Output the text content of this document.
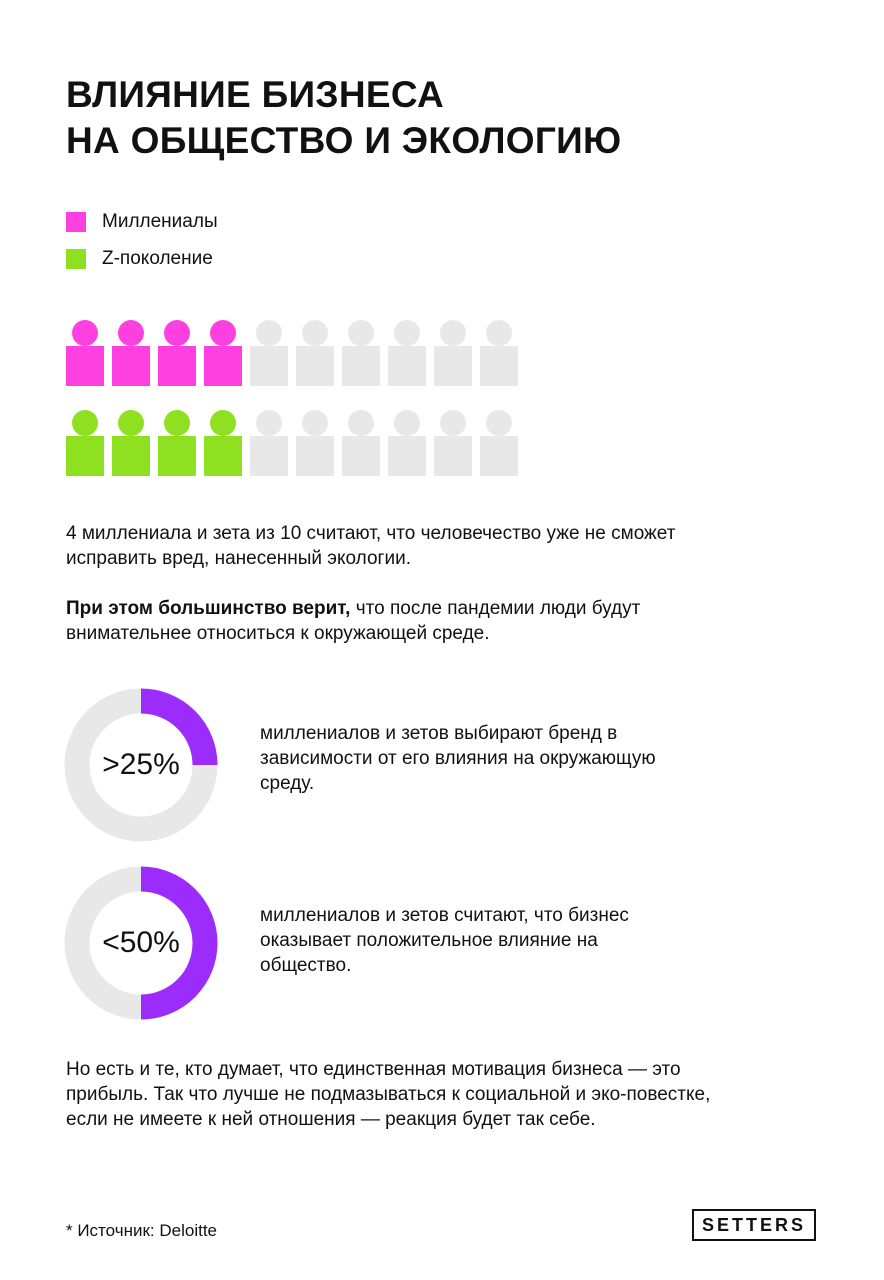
ВЛИЯНИЕ БИЗНЕСА
НА ОБЩЕСТВО И ЭКОЛОГИЮ
Миллениалы
Z-поколение

4 миллениала и зета из 10 считают, что человечество уже не сможет исправить вред, нанесенный экологии.

При этом большинство верит, что после пандемии люди будут внимательнее относиться к окружающей среде.

>25%

миллениалов и зетов выбирают бренд в зависимости от его влияния на окружающую среду.

<50%

миллениалов и зетов считают, что бизнес оказывает положительное влияние на общество.

Но есть и те, кто думает, что единственная мотивация бизнеса — это прибыль. Так что лучше не подмазываться к социальной и эко-повестке, если не имеете к ней отношения — реакция будет так себе.

* Источник: Deloitte	SETTERS
